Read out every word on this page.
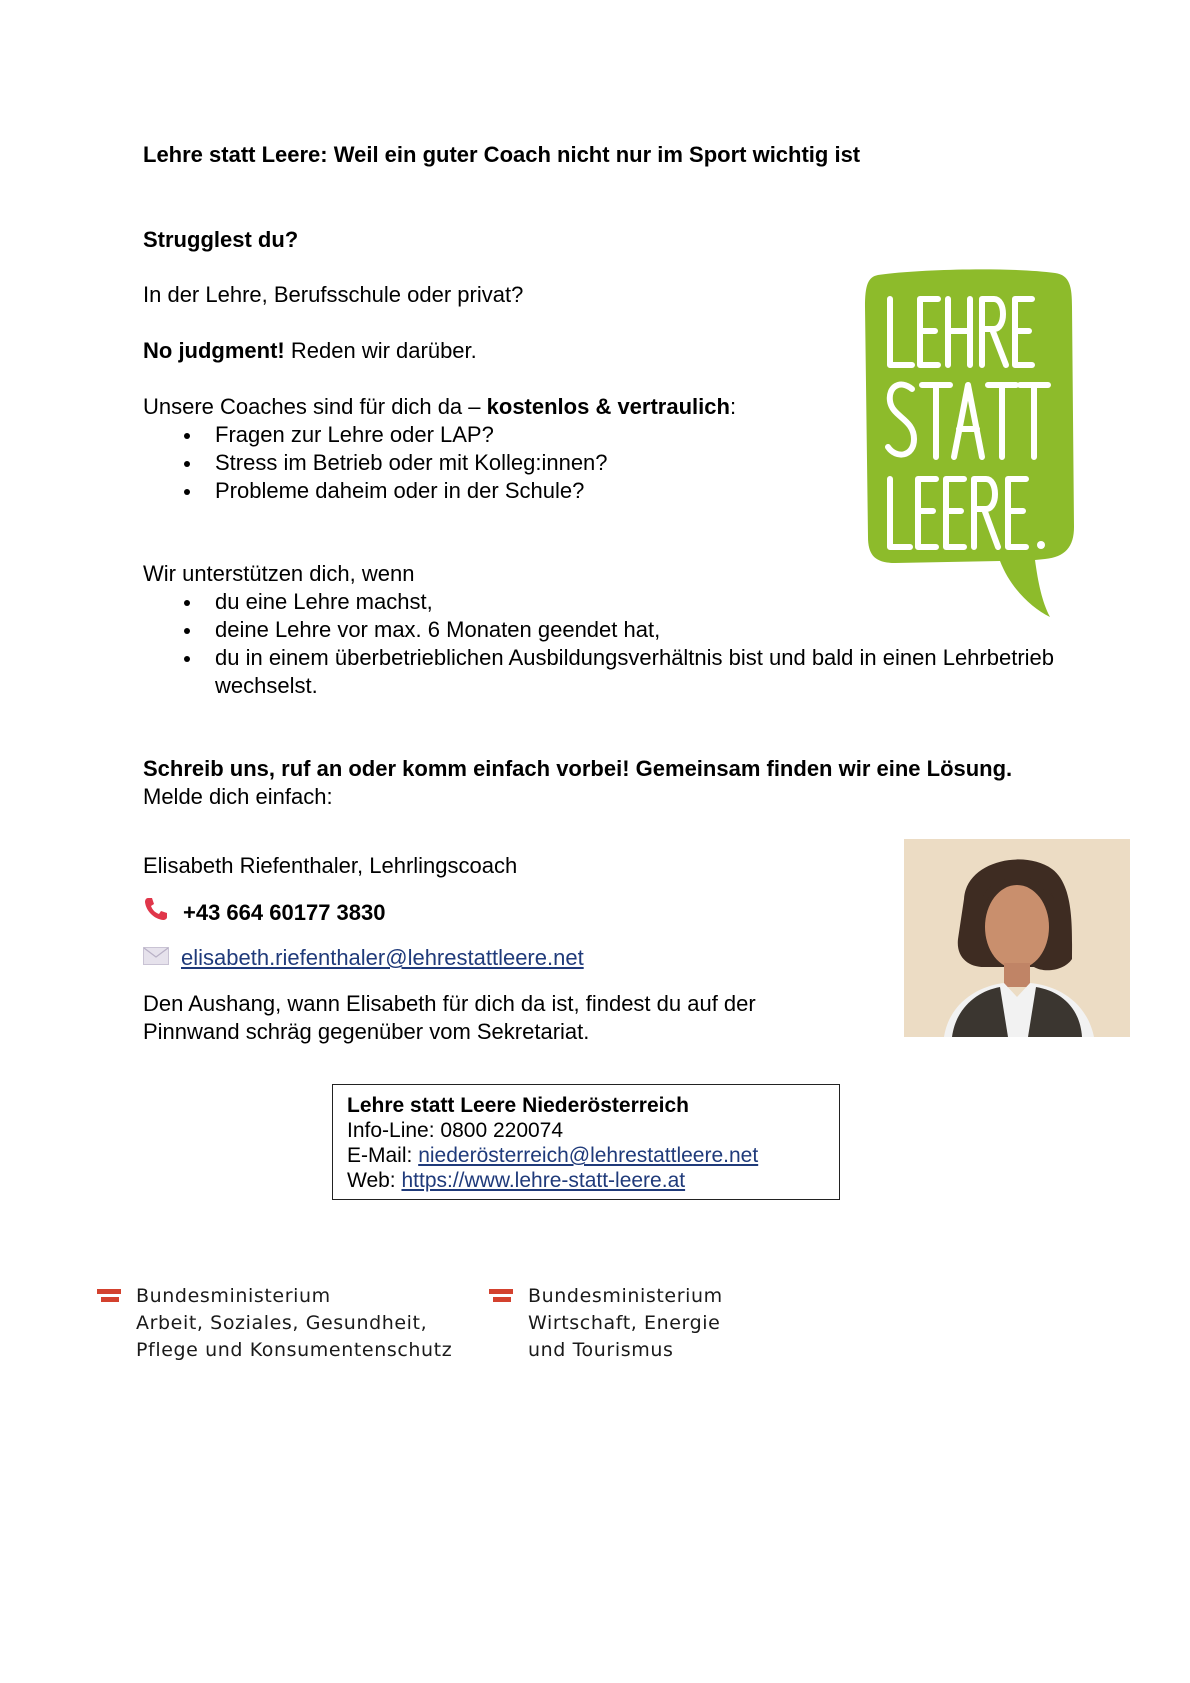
Lehre statt Leere: Weil ein guter Coach nicht nur im Sport wichtig ist
Strugglest du?
In der Lehre, Berufsschule oder privat?
No judgment! Reden wir darüber.
Unsere Coaches sind für dich da – kostenlos & vertraulich:
Fragen zur Lehre oder LAP?
Stress im Betrieb oder mit Kolleg:innen?
Probleme daheim oder in der Schule?
Wir unterstützen dich, wenn
du eine Lehre machst,
deine Lehre vor max. 6 Monaten geendet hat,
du in einem überbetrieblichen Ausbildungsverhältnis bist und bald in einen Lehrbetrieb wechselst.
Schreib uns, ruf an oder komm einfach vorbei! Gemeinsam finden wir eine Lösung. Melde dich einfach:
Elisabeth Riefenthaler, Lehrlingscoach
+43 664 60177 3830
elisabeth.riefenthaler@lehrestattleere.net
Den Aushang, wann Elisabeth für dich da ist, findest du auf der Pinnwand schräg gegenüber vom Sekretariat.
Lehre statt Leere Niederösterreich
Info-Line: 0800 220074
E-Mail: niederösterreich@lehrestattleere.net
Web: https://www.lehre-statt-leere.at
Bundesministerium
Arbeit, Soziales, Gesundheit,
Pflege und Konsumentenschutz
Bundesministerium
Wirtschaft, Energie
und Tourismus
